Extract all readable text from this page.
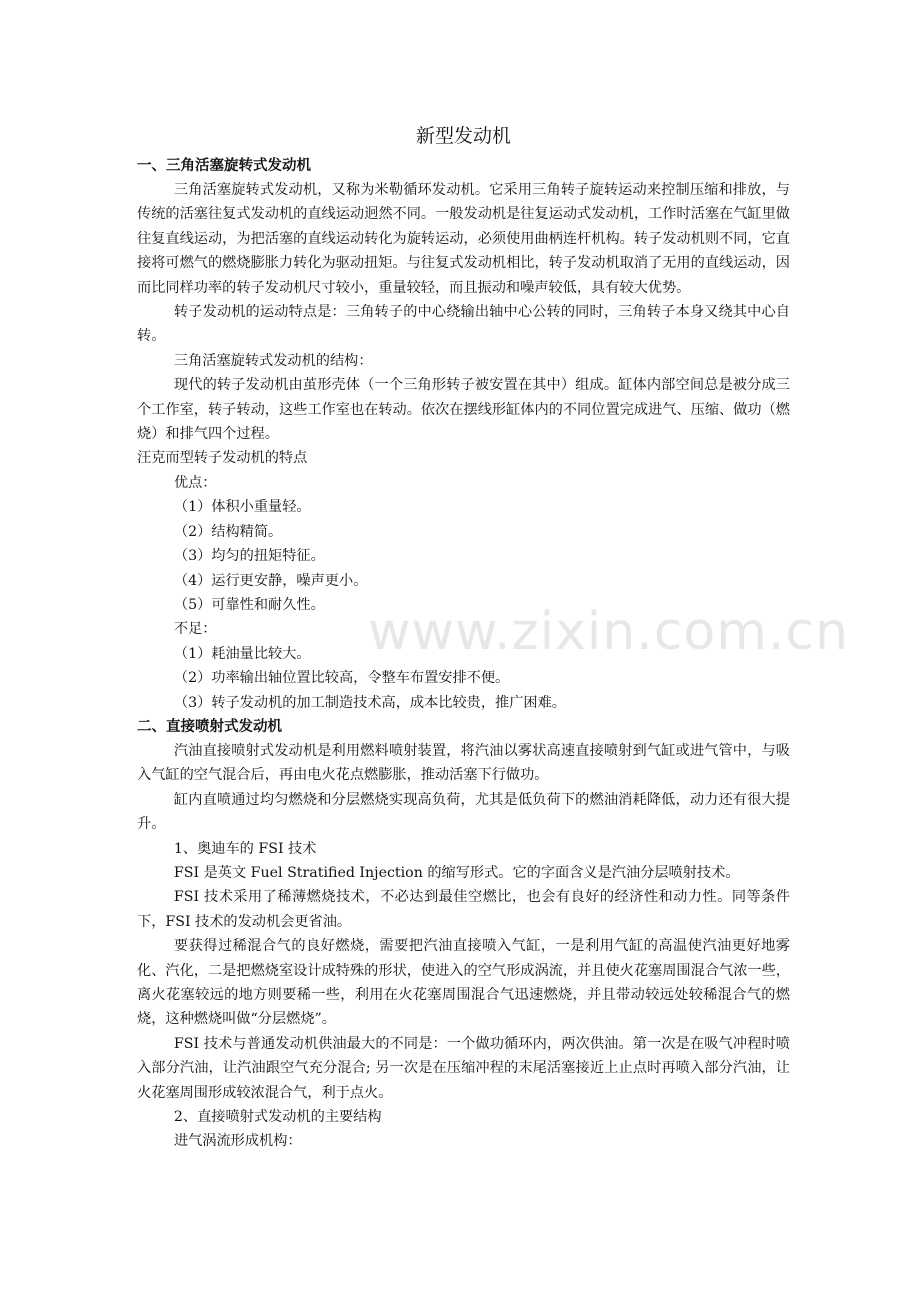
www.zixin.com.cn
新型发动机
一、三角活塞旋转式发动机

三角活塞旋转式发动机，又称为米勒循环发动机。它采用三角转子旋转运动来控制压缩和排放，与传统的活塞往复式发动机的直线运动迥然不同。一般发动机是往复运动式发动机，工作时活塞在气缸里做往复直线运动，为把活塞的直线运动转化为旋转运动，必须使用曲柄连杆机构。转子发动机则不同，它直接将可燃气的燃烧膨胀力转化为驱动扭矩。与往复式发动机相比，转子发动机取消了无用的直线运动，因而比同样功率的转子发动机尺寸较小，重量较轻，而且振动和噪声较低，具有较大优势。

转子发动机的运动特点是：三角转子的中心绕输出轴中心公转的同时，三角转子本身又绕其中心自转。

三角活塞旋转式发动机的结构：

现代的转子发动机由茧形壳体（一个三角形转子被安置在其中）组成。缸体内部空间总是被分成三个工作室，转子转动，这些工作室也在转动。依次在摆线形缸体内的不同位置完成进气、压缩、做功（燃烧）和排气四个过程。

汪克而型转子发动机的特点

优点：

（1）体积小重量轻。

（2）结构精简。

（3）均匀的扭矩特征。

（4）运行更安静，噪声更小。

（5）可靠性和耐久性。

不足：

（1）耗油量比较大。

（2）功率输出轴位置比较高，令整车布置安排不便。

（3）转子发动机的加工制造技术高，成本比较贵，推广困难。

二、直接喷射式发动机

汽油直接喷射式发动机是利用燃料喷射装置，将汽油以雾状高速直接喷射到气缸或进气管中，与吸入气缸的空气混合后，再由电火花点燃膨胀，推动活塞下行做功。

缸内直喷通过均匀燃烧和分层燃烧实现高负荷，尤其是低负荷下的燃油消耗降低，动力还有很大提升。

1、奥迪车的 FSI 技术

FSI 是英文 Fuel Stratified Injection 的缩写形式。它的字面含义是汽油分层喷射技术。

FSI 技术采用了稀薄燃烧技术，不必达到最佳空燃比，也会有良好的经济性和动力性。同等条件下，FSI 技术的发动机会更省油。

要获得过稀混合气的良好燃烧，需要把汽油直接喷入气缸，一是利用气缸的高温使汽油更好地雾化、汽化，二是把燃烧室设计成特殊的形状，使进入的空气形成涡流，并且使火花塞周围混合气浓一些，离火花塞较远的地方则要稀一些，利用在火花塞周围混合气迅速燃烧，并且带动较远处较稀混合气的燃烧，这种燃烧叫做“分层燃烧”。

FSI 技术与普通发动机供油最大的不同是：一个做功循环内，两次供油。第一次是在吸气冲程时喷入部分汽油，让汽油跟空气充分混合; 另一次是在压缩冲程的末尾活塞接近上止点时再喷入部分汽油，让火花塞周围形成较浓混合气，利于点火。

2、直接喷射式发动机的主要结构

进气涡流形成机构：
